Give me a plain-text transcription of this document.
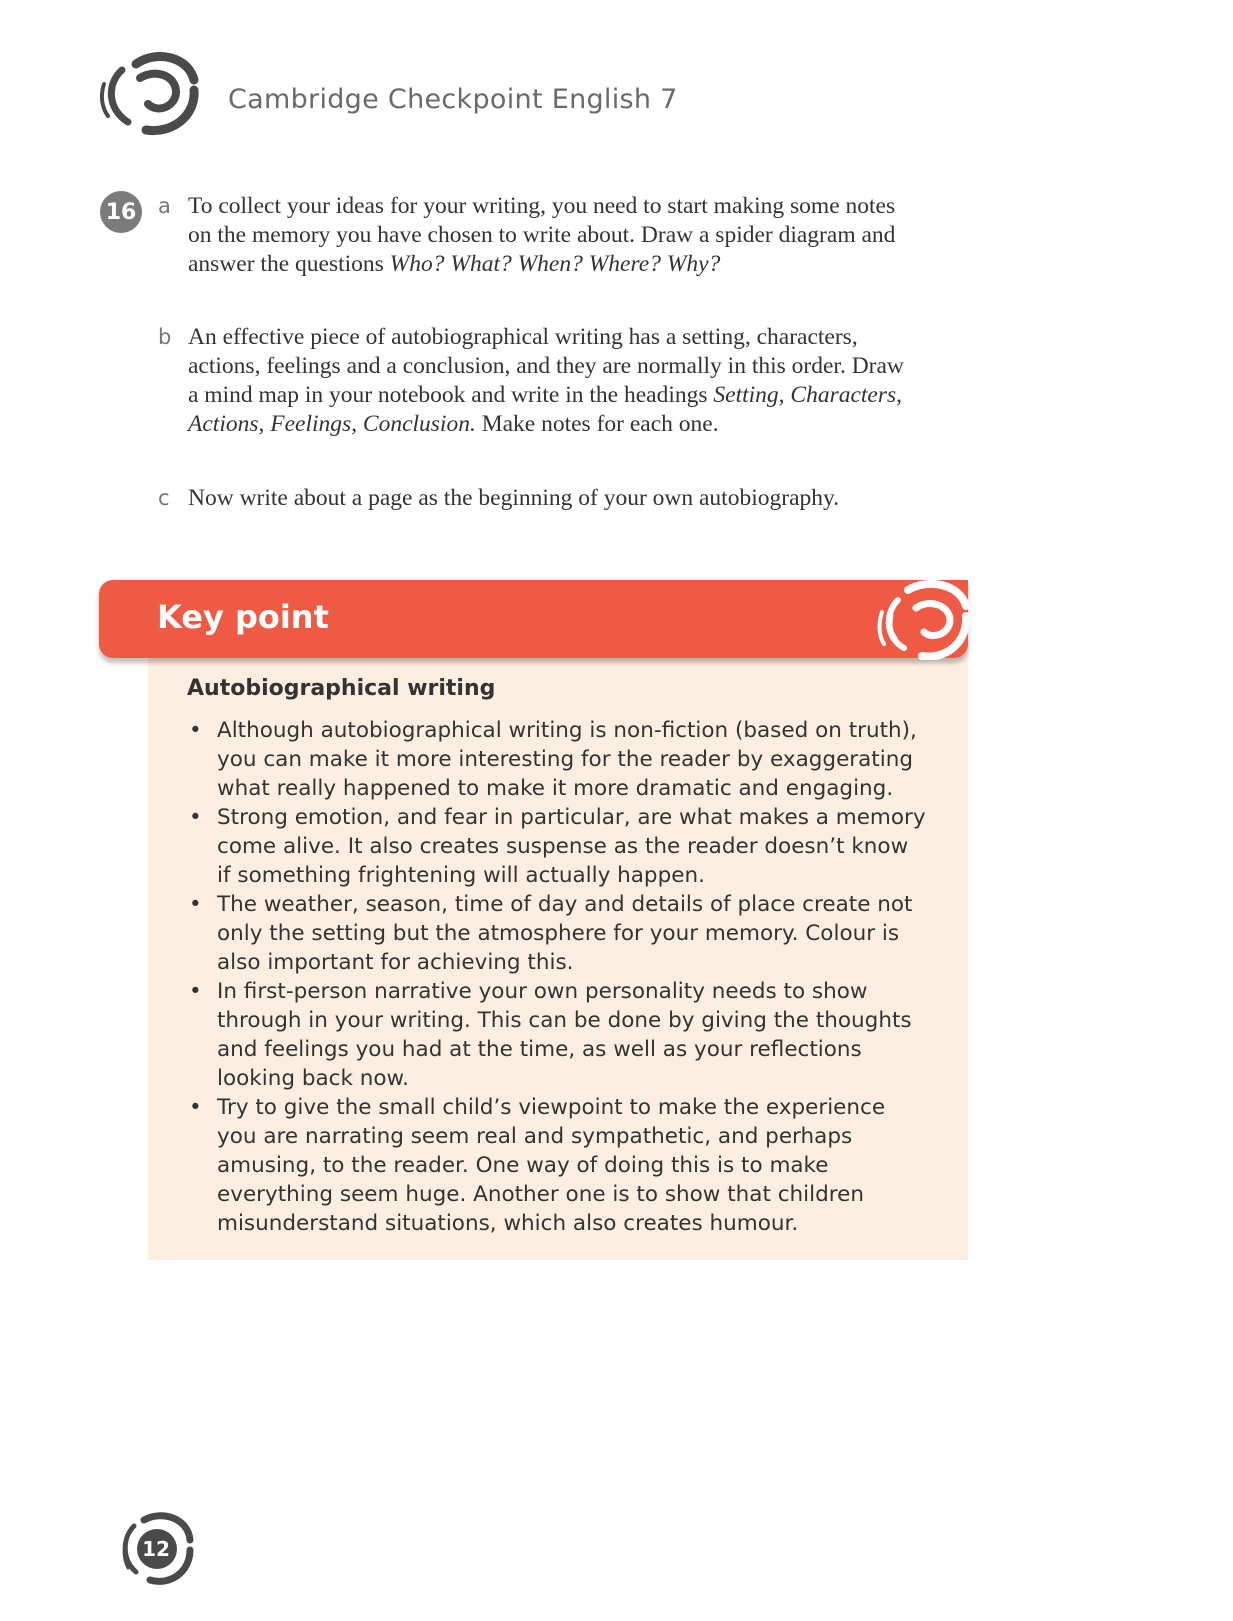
Cambridge Checkpoint English 7
16 a To collect your ideas for your writing, you need to start making some notes on the memory you have chosen to write about. Draw a spider diagram and answer the questions Who? What? When? Where? Why?
b An effective piece of autobiographical writing has a setting, characters, actions, feelings and a conclusion, and they are normally in this order. Draw a mind map in your notebook and write in the headings Setting, Characters, Actions, Feelings, Conclusion. Make notes for each one.
c Now write about a page as the beginning of your own autobiography.
Key point
Autobiographical writing
• Although autobiographical writing is non-fiction (based on truth), you can make it more interesting for the reader by exaggerating what really happened to make it more dramatic and engaging.
• Strong emotion, and fear in particular, are what makes a memory come alive. It also creates suspense as the reader doesn’t know if something frightening will actually happen.
• The weather, season, time of day and details of place create not only the setting but the atmosphere for your memory. Colour is also important for achieving this.
• In first-person narrative your own personality needs to show through in your writing. This can be done by giving the thoughts and feelings you had at the time, as well as your reflections looking back now.
• Try to give the small child’s viewpoint to make the experience you are narrating seem real and sympathetic, and perhaps amusing, to the reader. One way of doing this is to make everything seem huge. Another one is to show that children misunderstand situations, which also creates humour.
12
